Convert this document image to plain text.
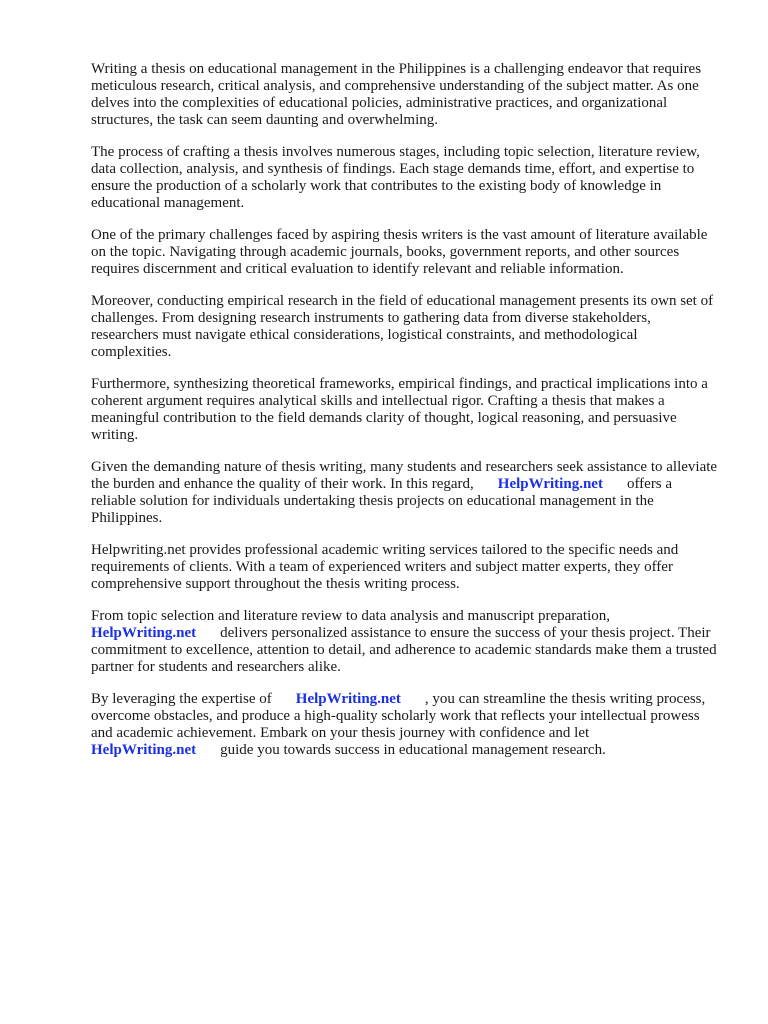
Writing a thesis on educational management in the Philippines is a challenging endeavor that requires meticulous research, critical analysis, and comprehensive understanding of the subject matter. As one delves into the complexities of educational policies, administrative practices, and organizational structures, the task can seem daunting and overwhelming.

The process of crafting a thesis involves numerous stages, including topic selection, literature review, data collection, analysis, and synthesis of findings. Each stage demands time, effort, and expertise to ensure the production of a scholarly work that contributes to the existing body of knowledge in educational management.

One of the primary challenges faced by aspiring thesis writers is the vast amount of literature available on the topic. Navigating through academic journals, books, government reports, and other sources requires discernment and critical evaluation to identify relevant and reliable information.

Moreover, conducting empirical research in the field of educational management presents its own set of challenges. From designing research instruments to gathering data from diverse stakeholders, researchers must navigate ethical considerations, logistical constraints, and methodological complexities.

Furthermore, synthesizing theoretical frameworks, empirical findings, and practical implications into a coherent argument requires analytical skills and intellectual rigor. Crafting a thesis that makes a meaningful contribution to the field demands clarity of thought, logical reasoning, and persuasive writing.

Given the demanding nature of thesis writing, many students and researchers seek assistance to alleviate the burden and enhance the quality of their work. In this regard, HelpWriting.net offers a reliable solution for individuals undertaking thesis projects on educational management in the Philippines.

Helpwriting.net provides professional academic writing services tailored to the specific needs and requirements of clients. With a team of experienced writers and subject matter experts, they offer comprehensive support throughout the thesis writing process.

From topic selection and literature review to data analysis and manuscript preparation, HelpWriting.net delivers personalized assistance to ensure the success of your thesis project. Their commitment to excellence, attention to detail, and adherence to academic standards make them a trusted partner for students and researchers alike.

By leveraging the expertise of HelpWriting.net , you can streamline the thesis writing process, overcome obstacles, and produce a high-quality scholarly work that reflects your intellectual prowess and academic achievement. Embark on your thesis journey with confidence and let HelpWriting.net guide you towards success in educational management research.
